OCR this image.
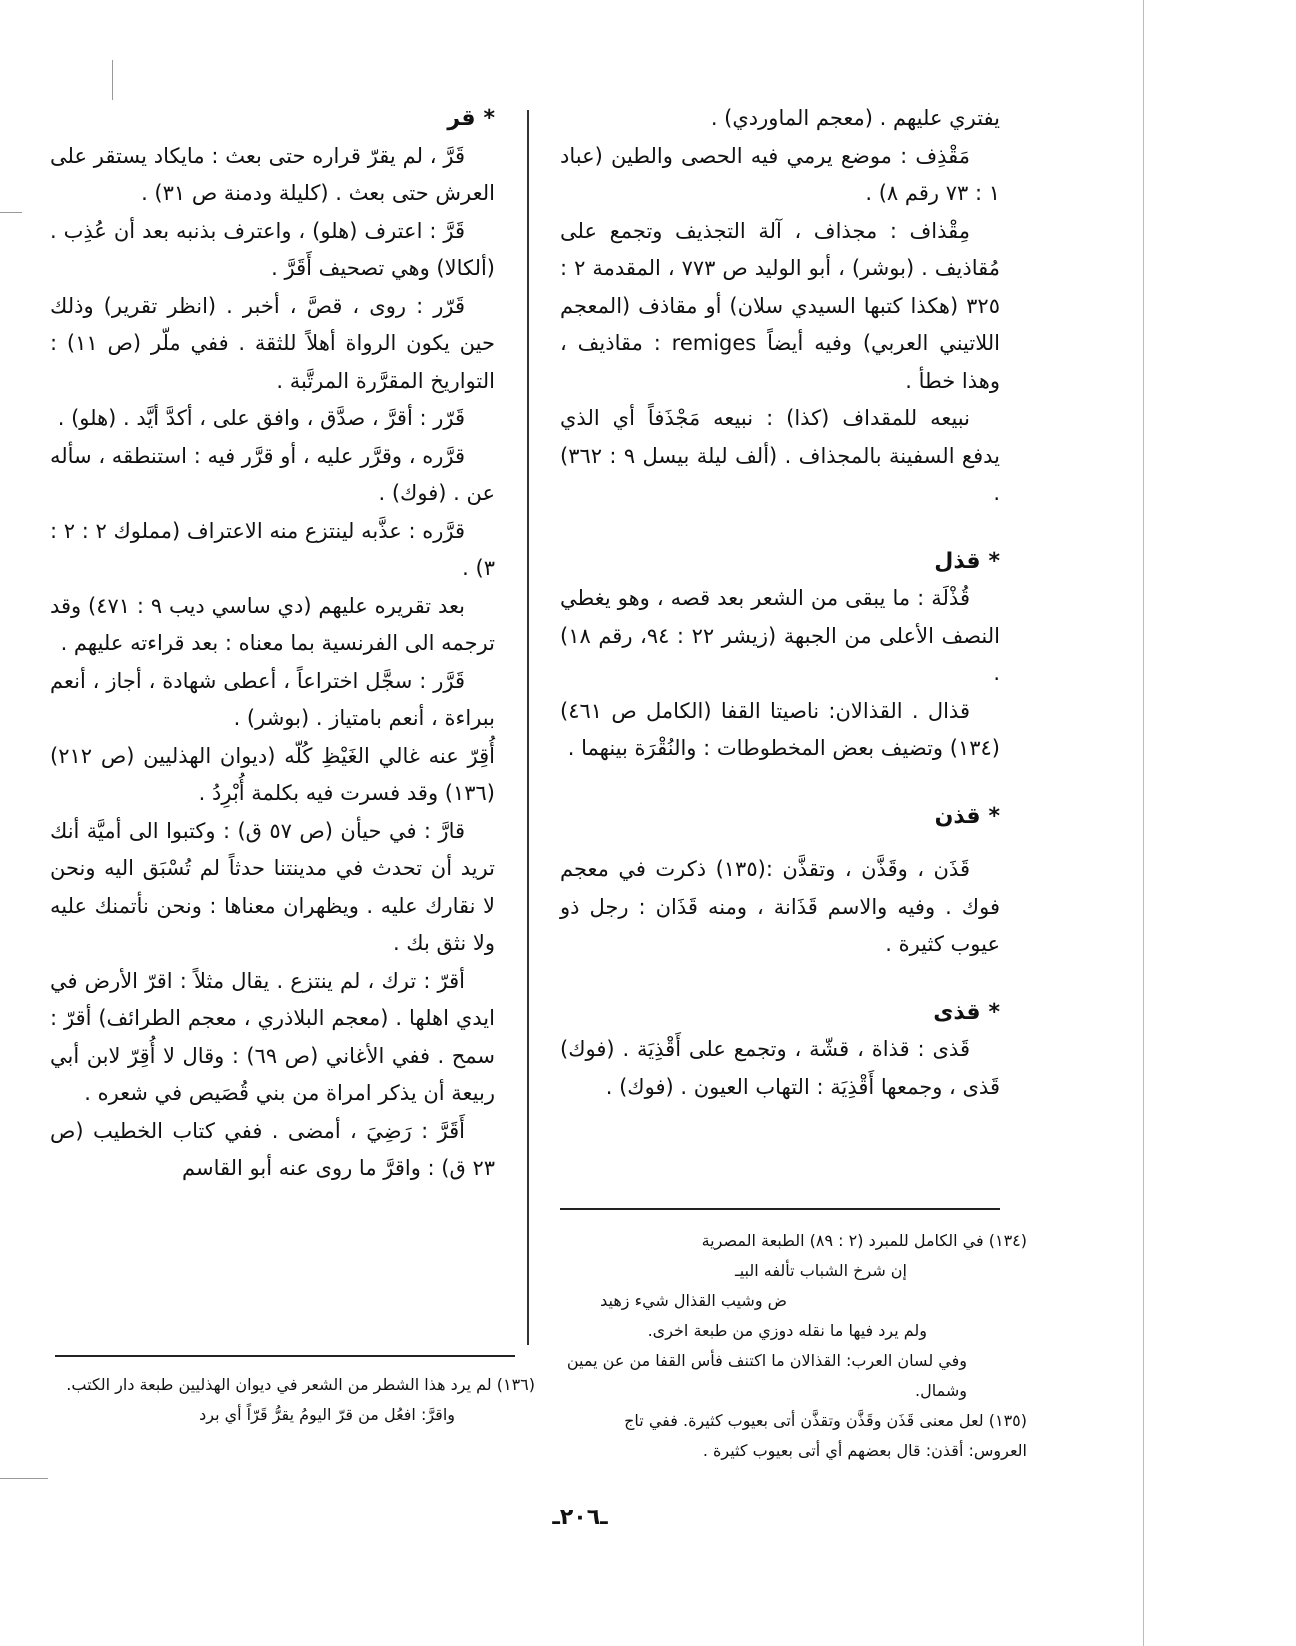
يفتري عليهم . (معجم الماوردي) .

مَقْذِف : موضع يرمي فيه الحصى والطين (عباد ١ : ٧٣ رقم ٨) .

مِقْذاف : مجذاف ، آلة التجذيف وتجمع على مُقاذيف . (بوشر) ، أبو الوليد ص ٧٧٣ ، المقدمة ٢ : ٣٢٥ (هكذا كتبها السيدي سلان) أو مقاذف (المعجم اللاتيني العربي) وفيه أيضاً remiges : مقاذيف ، وهذا خطأ .

نبيعه للمقداف (كذا) : نبيعه مَجْذَفاً أي الذي يدفع السفينة بالمجذاف . (ألف ليلة بيسل ٩ : ٣٦٢) .

*قذل

قُذْلَة : ما يبقى من الشعر بعد قصه ، وهو يغطي النصف الأعلى من الجبهة (زيشر ٢٢ : ٩٤، رقم ١٨) .

قذال . القذالان: ناصيتا القفا (الكامل ص ٤٦١)(١٣٤) وتضيف بعض المخطوطات : والنُقْرَة بينهما .

*قذن

قَذَن ، وقَذَّن ، وتقذَّن :(١٣٥) ذكرت في معجم فوك . وفيه والاسم قَذَانة ، ومنه قَذَان : رجل ذو عيوب كثيرة .

*قذى

قَذى : قذاة ، قشّة ، وتجمع على أَقْذِيَة . (فوك) قَذى ، وجمعها أَقْذِيَة : التهاب العيون . (فوك) .

*قر

قَرَّ ، لم يقرّ قراره حتى بعث : مايكاد يستقر على العرش حتى بعث . (كليلة ودمنة ص ٣١) .

قَرَّ : اعترف (هلو) ، واعترف بذنبه بعد أن عُذِب . (ألكالا) وهي تصحيف أَقَرَّ .

قَرّر : روى ، قصَّ ، أخبر . (انظر تقرير) وذلك حين يكون الرواة أهلاً للثقة . ففي ملّر (ص ١١) : التواريخ المقرَّرة المرتَّبة .

قَرّر : أقرَّ ، صدَّق ، وافق على ، أكدَّ أيَّد . (هلو) .

قرَّره ، وقرَّر عليه ، أو قرَّر فيه : استنطقه ، سأله عن . (فوك) .

قرَّره : عذَّبه لينتزع منه الاعتراف (مملوك ٢ : ٢ : ٣) .

بعد تقريره عليهم (دي ساسي ديب ٩ : ٤٧١) وقد ترجمه الى الفرنسية بما معناه : بعد قراءته عليهم .

قَرَّر : سجَّل اختراعاً ، أعطى شهادة ، أجاز ، أنعم ببراءة ، أنعم بامتياز . (بوشر) .

أُقِرّ عنه غالي الغَيْظِ كُلّه (ديوان الهذليين (ص ٢١٢)(١٣٦) وقد فسرت فيه بكلمة أُبْرِدُ .

قارَّ : في حيأن (ص ٥٧ ق) : وكتبوا الى أميَّة أنك تريد أن تحدث في مدينتنا حدثاً لم تُسْبَق اليه ونحن لا نقارك عليه . ويظهران معناها : ونحن نأتمنك عليه ولا نثق بك .

أقرّ : ترك ، لم ينتزع . يقال مثلاً : اقرّ الأرض في ايدي اهلها . (معجم البلاذري ، معجم الطرائف) أقرّ : سمح . ففي الأغاني (ص ٦٩) : وقال لا أُقِرّ لابن أبي ربيعة أن يذكر امراة من بني قُصَيص في شعره .

أَقَرَّ : رَضِيَ ، أمضى . ففي كتاب الخطيب (ص ٢٣ ق) : واقرَّ ما روى عنه أبو القاسم

(١٣٤) في الكامل للمبرد (٢ : ٨٩) الطبعة المصرية

إن شرخ الشباب تألفه البيـ

ض وشيب القذال شيء زهيد

ولم يرد فيها ما نقله دوزي من طبعة اخرى.

وفي لسان العرب: القذالان ما اكتنف فأس القفا من عن يمين وشمال.

(١٣٥) لعل معنى قَذَن وقَذَّن وتقذَّن أتى بعيوب كثيرة. ففي تاج العروس: أقذن: قال بعضهم أي أتى بعيوب كثيرة .

(١٣٦) لم يرد هذا الشطر من الشعر في ديوان الهذليين طبعة دار الكتب.

واقرَّ: افعُل من قرّ اليومُ يقرُّ قَرّاً أي برد

ـ٢٠٦ـ
